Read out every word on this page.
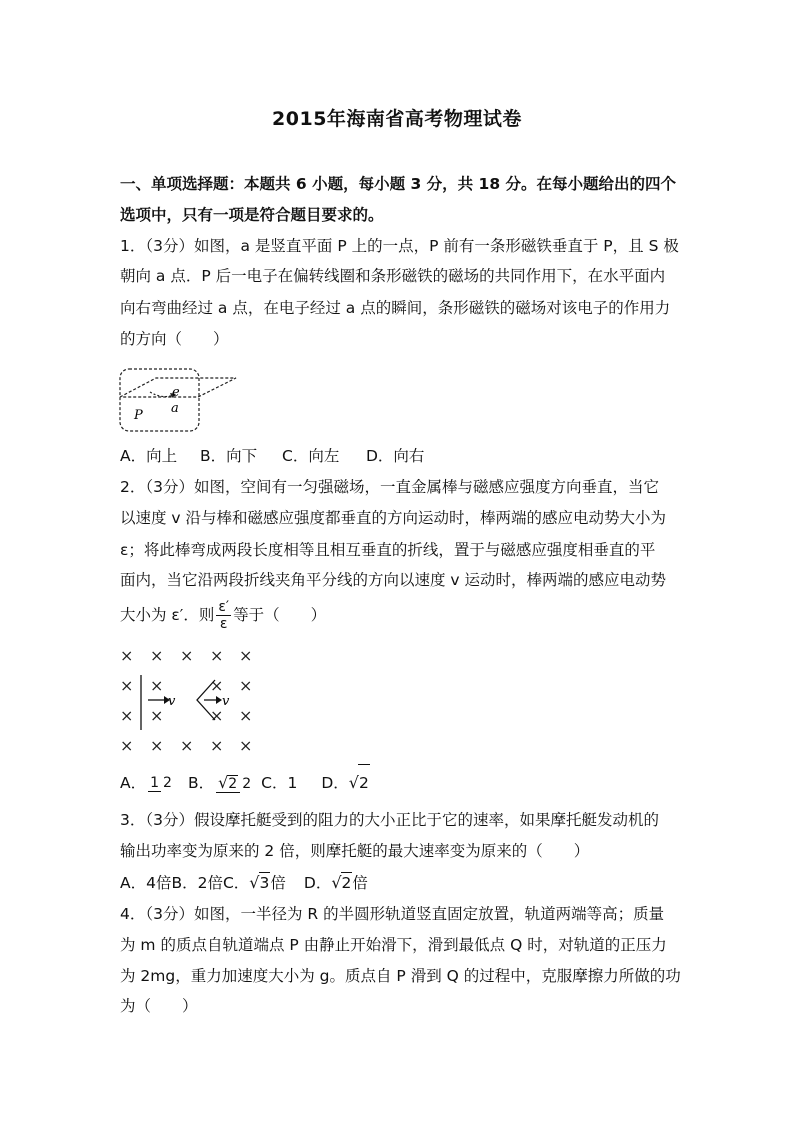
2015年海南省高考物理试卷
一、单项选择题：本题共 6 小题，每小题 3 分，共 18 分。在每小题给出的四个
选项中，只有一项是符合题目要求的。
1．（3分）如图，a 是竖直平面 P 上的一点，P 前有一条形磁铁垂直于 P，且 S 极
朝向 a 点．P 后一电子在偏转线圈和条形磁铁的磁场的共同作用下，在水平面内
向右弯曲经过 a 点，在电子经过 a 点的瞬间，条形磁铁的磁场对该电子的作用力
的方向（　　）
e
a
P
A．向上 B．向下 C．向左 D．向右
2．（3分）如图，空间有一匀强磁场，一直金属棒与磁感应强度方向垂直，当它
以速度 v 沿与棒和磁感应强度都垂直的方向运动时，棒两端的感应电动势大小为
ε；将此棒弯成两段长度相等且相互垂直的折线，置于与磁感应强度相垂直的平
面内，当它沿两段折线夹角平分线的方向以速度 v 运动时，棒两端的感应电动势
大小为 ε′．则 $\frac{\varepsilon'}{\varepsilon}$ 等于（　　）
× × × × ×
× ×	× ×
× ×	× ×
× × × × ×
v	v
A． 1 2 B． √2 2 C．1 D．√2
3．（3分）假设摩托艇受到的阻力的大小正比于它的速率，如果摩托艇发动机的
输出功率变为原来的 2 倍，则摩托艇的最大速率变为原来的（　　）
A．4倍B．2倍C．√3倍 D．√2倍
4．（3分）如图，一半径为 R 的半圆形轨道竖直固定放置，轨道两端等高；质量
为 m 的质点自轨道端点 P 由静止开始滑下，滑到最低点 Q 时，对轨道的正压力
为 2mg，重力加速度大小为 g。质点自 P 滑到 Q 的过程中，克服摩擦力所做的功
为（　　）
